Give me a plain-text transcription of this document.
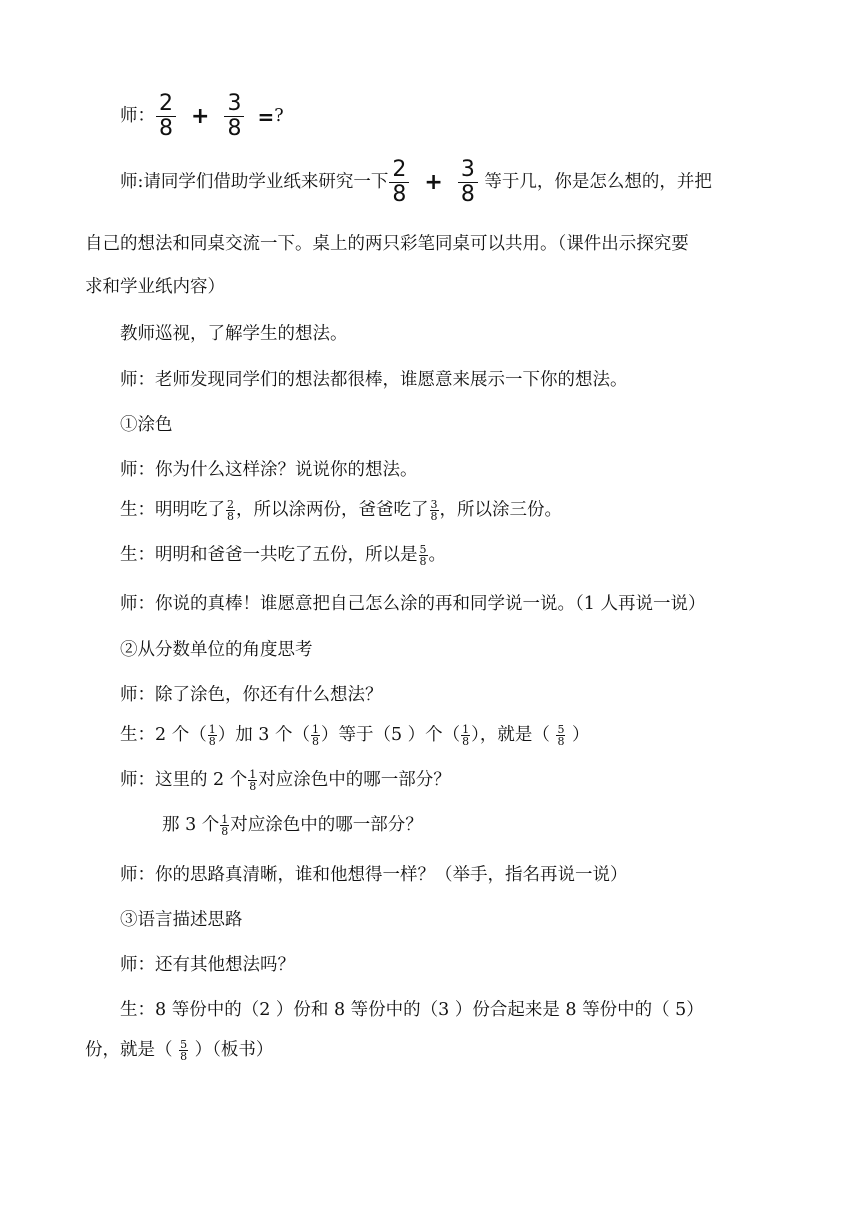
师： $\frac{2}{8} + \frac{3}{8}$ =?
师:请同学们借助学业纸来研究一下 $\frac{2}{8} + \frac{3}{8}$ 等于几，你是怎么想的，并把
自己的想法和同桌交流一下。桌上的两只彩笔同桌可以共用。（课件出示探究要
求和学业纸内容）
教师巡视，了解学生的想法。
师：老师发现同学们的想法都很棒，谁愿意来展示一下你的想法。
①涂色
师：你为什么这样涂？说说你的想法。
生：明明吃了 $\frac{2}{8}$ ，所以涂两份，爸爸吃了 $\frac{3}{8}$ ，所以涂三份。
生：明明和爸爸一共吃了五份，所以是 $\frac{5}{8}$ 。
师：你说的真棒！谁愿意把自己怎么涂的再和同学说一说。（1 人再说一说）
②从分数单位的角度思考
师：除了涂色，你还有什么想法？
生：2 个（ $\frac{1}{8}$ ）加 3 个（ $\frac{1}{8}$ ）等于（5 ）个（ $\frac{1}{8}$ ），就是（ $\frac{5}{8}$ ）
师：这里的 2 个 $\frac{1}{8}$ 对应涂色中的哪一部分？
那 3 个 $\frac{1}{8}$ 对应涂色中的哪一部分？
师：你的思路真清晰，谁和他想得一样？（举手，指名再说一说）
③语言描述思路
师：还有其他想法吗？
生：8 等份中的（2 ）份和 8 等份中的（3 ）份合起来是 8 等份中的（ 5）
份，就是（ $\frac{5}{8}$ ）（板书）
